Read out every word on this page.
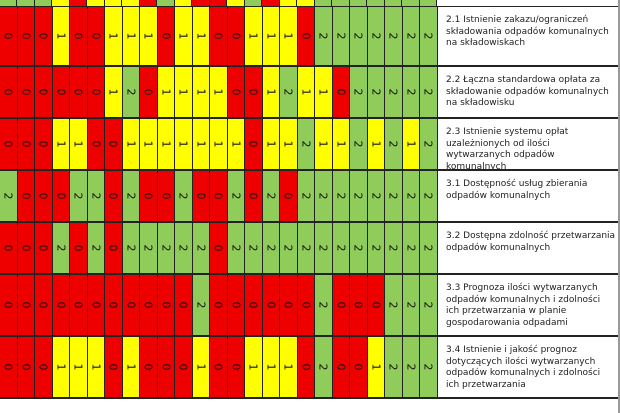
0 0 0 1 0 0 1 1 1 0 1 1 0 0 1 1 1 0 2 2 2 2 2 2 2
0 0 0 0 0 0 1 2 0 1 1 1 1 0 0 1 2 1 1 0 2 2 2 2 2
0 0 0 1 1 0 0 1 1 1 1 1 1 1 0 1 1 2 1 1 2 1 2 1 2
2 0 0 0 2 2 0 2 0 0 2 0 0 2 0 2 0 2 2 2 2 2 2 2 2
0 0 0 2 0 2 0 2 2 2 2 2 0 2 2 2 2 2 2 2 2 2 2 2 2
0 0 0 0 0 0 0 0 0 0 0 2 0 0 0 0 0 0 2 0 0 0 2 2 2
0 0 0 1 1 1 0 1 0 0 0 1 0 0 1 1 1 0 2 0 0 1 2 2 2
2.1 Istnienie zakazu/ograniczeń składowania odpadów komunalnych na składowiskach
2.2 Łączna standardowa opłata za składowanie odpadów komunalnych na składowisku
2.3 Istnienie systemu opłat uzależnionych od ilości wytwarzanych odpadów komunalnych
3.1 Dostępność usług zbierania odpadów komunalnych
3.2 Dostępna zdolność przetwarzania odpadów komunalnych
3.3 Prognoza ilości wytwarzanych odpadów komunalnych i zdolności ich przetwarzania w planie gospodarowania odpadami
3.4 Istnienie i jakość prognoz dotyczących ilości wytwarzanych odpadów komunalnych i zdolności ich przetwarzania
